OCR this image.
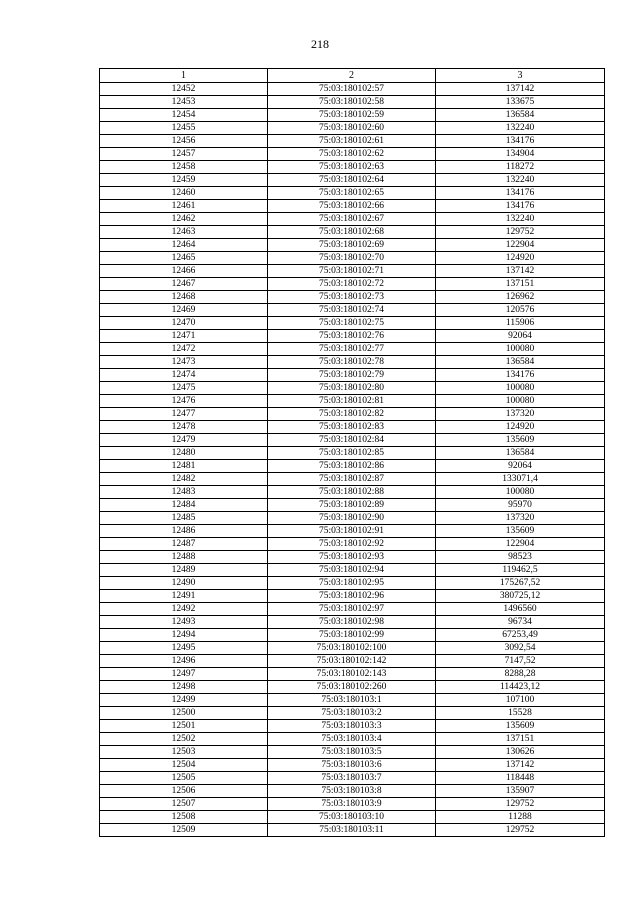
218
1	2	3
12452	75:03:180102:57	137142
12453	75:03:180102:58	133675
12454	75:03:180102:59	136584
12455	75:03:180102:60	132240
12456	75:03:180102:61	134176
12457	75:03:180102:62	134904
12458	75:03:180102:63	118272
12459	75:03:180102:64	132240
12460	75:03:180102:65	134176
12461	75:03:180102:66	134176
12462	75:03:180102:67	132240
12463	75:03:180102:68	129752
12464	75:03:180102:69	122904
12465	75:03:180102:70	124920
12466	75:03:180102:71	137142
12467	75:03:180102:72	137151
12468	75:03:180102:73	126962
12469	75:03:180102:74	120576
12470	75:03:180102:75	115906
12471	75:03:180102:76	92064
12472	75:03:180102:77	100080
12473	75:03:180102:78	136584
12474	75:03:180102:79	134176
12475	75:03:180102:80	100080
12476	75:03:180102:81	100080
12477	75:03:180102:82	137320
12478	75:03:180102:83	124920
12479	75:03:180102:84	135609
12480	75:03:180102:85	136584
12481	75:03:180102:86	92064
12482	75:03:180102:87	133071,4
12483	75:03:180102:88	100080
12484	75:03:180102:89	95970
12485	75:03:180102:90	137320
12486	75:03:180102:91	135609
12487	75:03:180102:92	122904
12488	75:03:180102:93	98523
12489	75:03:180102:94	119462,5
12490	75:03:180102:95	175267,52
12491	75:03:180102:96	380725,12
12492	75:03:180102:97	1496560
12493	75:03:180102:98	96734
12494	75:03:180102:99	67253,49
12495	75:03:180102:100	3092,54
12496	75:03:180102:142	7147,52
12497	75:03:180102:143	8288,28
12498	75:03:180102:260	114423,12
12499	75:03:180103:1	107100
12500	75:03:180103:2	15528
12501	75:03:180103:3	135609
12502	75:03:180103:4	137151
12503	75:03:180103:5	130626
12504	75:03:180103:6	137142
12505	75:03:180103:7	118448
12506	75:03:180103:8	135907
12507	75:03:180103:9	129752
12508	75:03:180103:10	11288
12509	75:03:180103:11	129752
